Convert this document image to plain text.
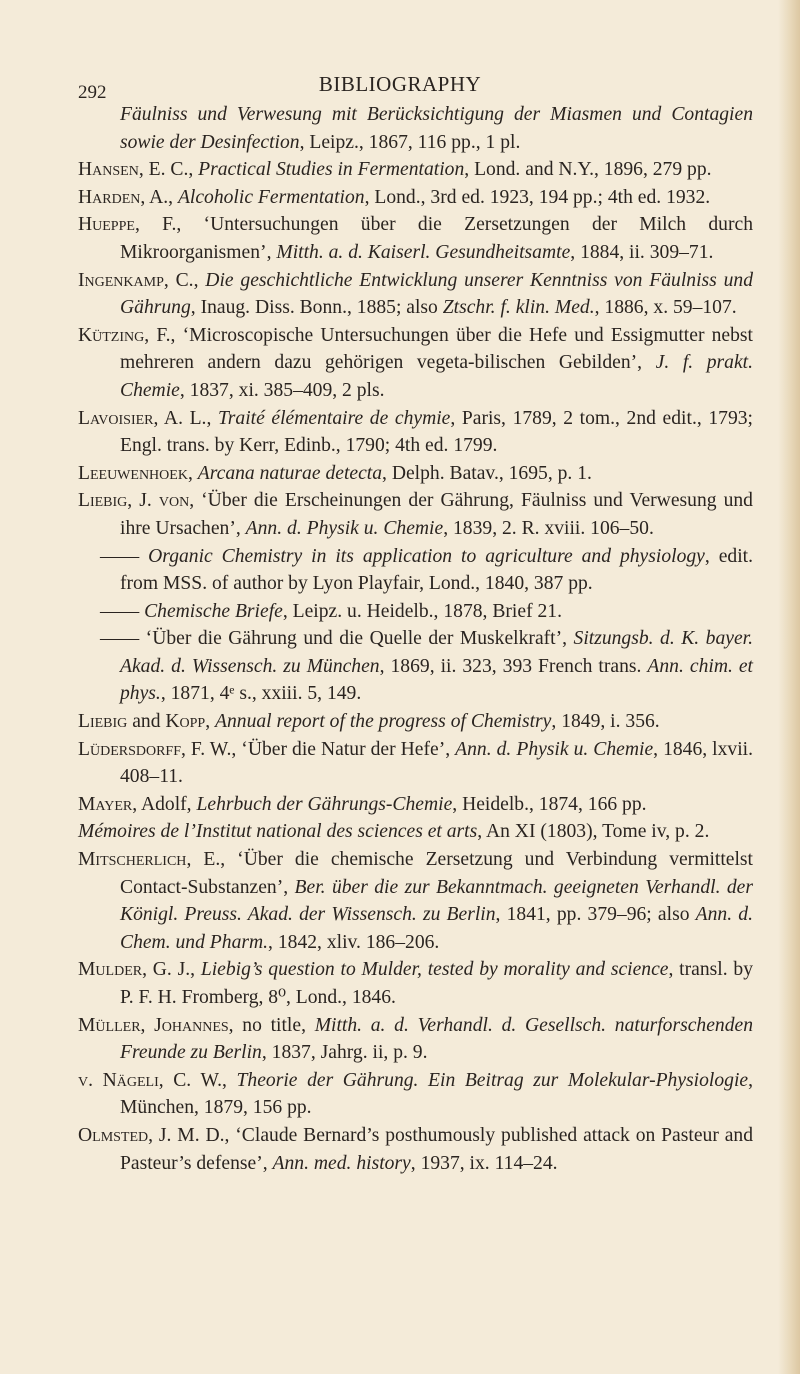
292	BIBLIOGRAPHY

Fäulniss und Verwesung mit Berücksichtigung der Miasmen und Contagien sowie der Desinfection, Leipz., 1867, 116 pp., 1 pl.

Hansen, E. C., Practical Studies in Fermentation, Lond. and N.Y., 1896, 279 pp.

Harden, A., Alcoholic Fermentation, Lond., 3rd ed. 1923, 194 pp.; 4th ed. 1932.

Hueppe, F., ‘Untersuchungen über die Zersetzungen der Milch durch Mikroorganismen’, Mitth. a. d. Kaiserl. Gesundheitsamte, 1884, ii. 309–71.

Ingenkamp, C., Die geschichtliche Entwicklung unserer Kenntniss von Fäulniss und Gährung, Inaug. Diss. Bonn., 1885; also Ztschr. f. klin. Med., 1886, x. 59–107.

Kützing, F., ‘Microscopische Untersuchungen über die Hefe und Essigmutter nebst mehreren andern dazu gehörigen vegeta-bilischen Gebilden’, J. f. prakt. Chemie, 1837, xi. 385–409, 2 pls.

Lavoisier, A. L., Traité élémentaire de chymie, Paris, 1789, 2 tom., 2nd edit., 1793; Engl. trans. by Kerr, Edinb., 1790; 4th ed. 1799.

Leeuwenhoek, Arcana naturae detecta, Delph. Batav., 1695, p. 1.

Liebig, J. von, ‘Über die Erscheinungen der Gährung, Fäulniss und Verwesung und ihre Ursachen’, Ann. d. Physik u. Chemie, 1839, 2. R. xviii. 106–50.

—— Organic Chemistry in its application to agriculture and physiology, edit. from MSS. of author by Lyon Playfair, Lond., 1840, 387 pp.

—— Chemische Briefe, Leipz. u. Heidelb., 1878, Brief 21.

—— ‘Über die Gährung und die Quelle der Muskelkraft’, Sitzungsb. d. K. bayer. Akad. d. Wissensch. zu München, 1869, ii. 323, 393 French trans. Ann. chim. et phys., 1871, 4ᵉ s., xxiii. 5, 149.

Liebig and Kopp, Annual report of the progress of Chemistry, 1849, i. 356.

Lüdersdorff, F. W., ‘Über die Natur der Hefe’, Ann. d. Physik u. Chemie, 1846, lxvii. 408–11.

Mayer, Adolf, Lehrbuch der Gährungs-Chemie, Heidelb., 1874, 166 pp.

Mémoires de l’Institut national des sciences et arts, An XI (1803), Tome iv, p. 2.

Mitscherlich, E., ‘Über die chemische Zersetzung und Verbindung vermittelst Contact-Substanzen’, Ber. über die zur Bekanntmach. geeigneten Verhandl. der Königl. Preuss. Akad. der Wissensch. zu Berlin, 1841, pp. 379–96; also Ann. d. Chem. und Pharm., 1842, xliv. 186–206.

Mulder, G. J., Liebig’s question to Mulder, tested by morality and science, transl. by P. F. H. Fromberg, 8⁰, Lond., 1846.

Müller, Johannes, no title, Mitth. a. d. Verhandl. d. Gesellsch. naturforschenden Freunde zu Berlin, 1837, Jahrg. ii, p. 9.

v. Nägeli, C. W., Theorie der Gährung. Ein Beitrag zur Molekular-Physiologie, München, 1879, 156 pp.

Olmsted, J. M. D., ‘Claude Bernard’s posthumously published attack on Pasteur and Pasteur’s defense’, Ann. med. history, 1937, ix. 114–24.
